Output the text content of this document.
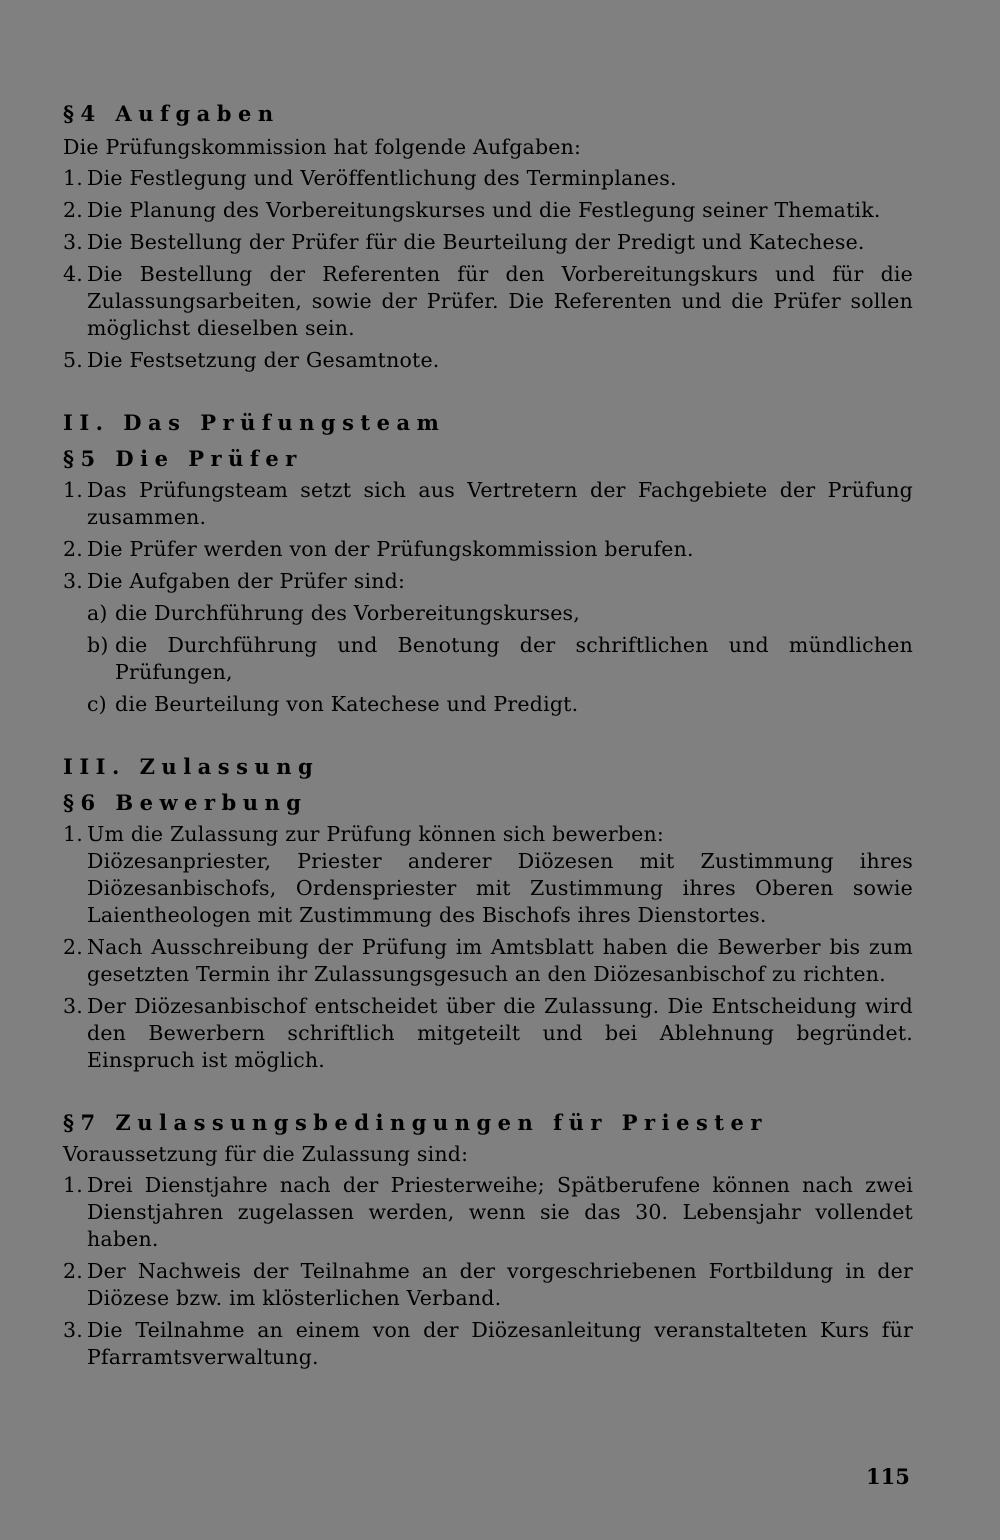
§4 Aufgaben

Die Prüfungskommission hat folgende Aufgaben:

1. Die Festlegung und Veröffentlichung des Terminplanes.
2. Die Planung des Vorbereitungskurses und die Festlegung seiner Thematik.
3. Die Bestellung der Prüfer für die Beurteilung der Predigt und Katechese.
4. Die Bestellung der Referenten für den Vorbereitungskurs und für die Zulassungsarbeiten, sowie der Prüfer. Die Referenten und die Prüfer sollen möglichst dieselben sein.
5. Die Festsetzung der Gesamtnote.
II. Das Prüfungsteam
§5 Die Prüfer
1. Das Prüfungsteam setzt sich aus Vertretern der Fachgebiete der Prüfung zusammen.
2. Die Prüfer werden von der Prüfungskommission berufen.
3. Die Aufgaben der Prüfer sind:
a) die Durchführung des Vorbereitungskurses,
b) die Durchführung und Benotung der schriftlichen und mündlichen Prüfungen,
c) die Beurteilung von Katechese und Predigt.
III. Zulassung
§6 Bewerbung
1. Um die Zulassung zur Prüfung können sich bewerben:
Diözesanpriester, Priester anderer Diözesen mit Zustimmung ihres Diözesanbischofs, Ordenspriester mit Zustimmung ihres Oberen sowie Laientheologen mit Zustimmung des Bischofs ihres Dienstortes.
2. Nach Ausschreibung der Prüfung im Amtsblatt haben die Bewerber bis zum gesetzten Termin ihr Zulassungsgesuch an den Diözesanbischof zu richten.
3. Der Diözesanbischof entscheidet über die Zulassung. Die Entscheidung wird den Bewerbern schriftlich mitgeteilt und bei Ablehnung begründet. Einspruch ist möglich.
§7 Zulassungsbedingungen für Priester

Voraussetzung für die Zulassung sind:

1. Drei Dienstjahre nach der Priesterweihe; Spätberufene können nach zwei Dienstjahren zugelassen werden, wenn sie das 30. Lebensjahr vollendet haben.
2. Der Nachweis der Teilnahme an der vorgeschriebenen Fortbildung in der Diözese bzw. im klösterlichen Verband.
3. Die Teilnahme an einem von der Diözesanleitung veranstalteten Kurs für Pfarramtsverwaltung.
115
